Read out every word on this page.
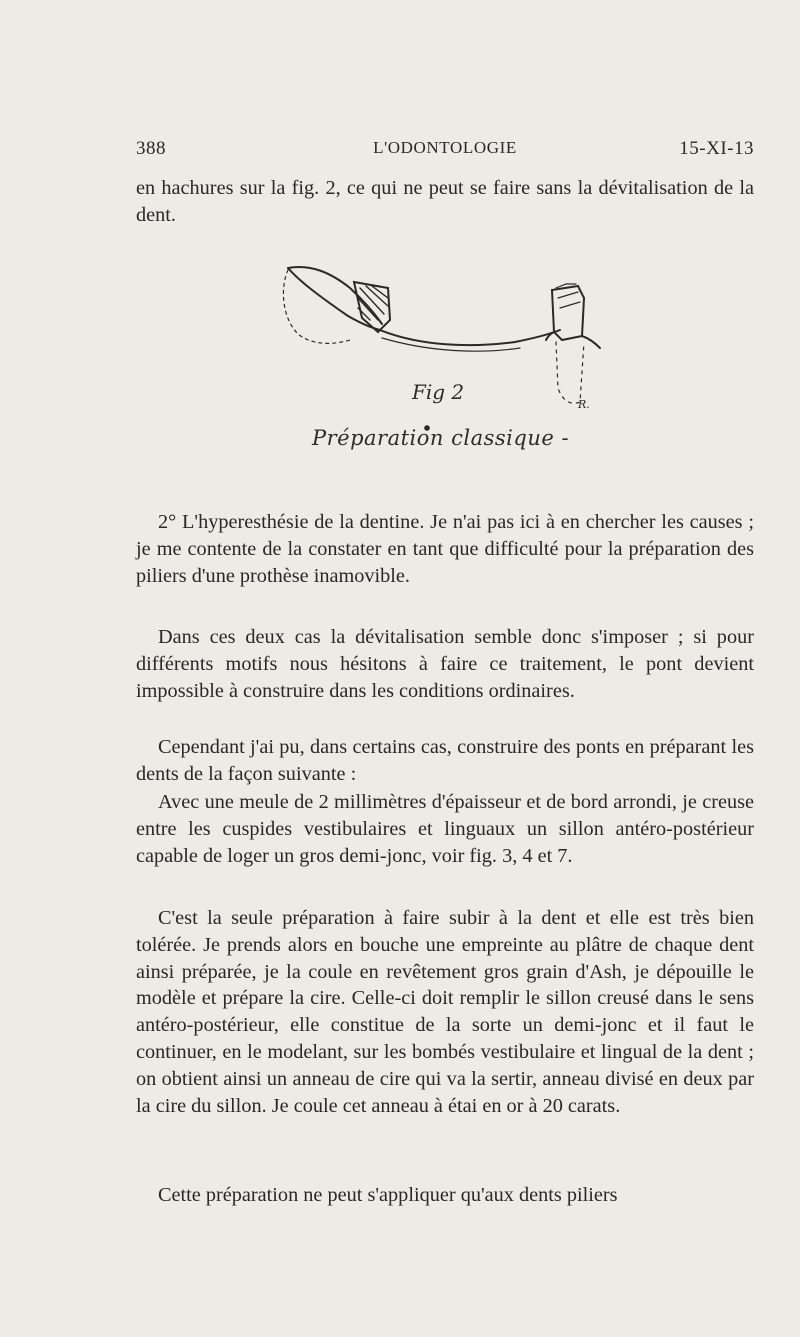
388	L'ODONTOLOGIE	15-XI-13

en hachures sur la fig. 2, ce qui ne peut se faire sans la dévitalisation de la dent.

Fig 2
Préparation classique -
R.

2° L'hyperesthésie de la dentine. Je n'ai pas ici à en chercher les causes ; je me contente de la constater en tant que difficulté pour la préparation des piliers d'une prothèse inamovible.

Dans ces deux cas la dévitalisation semble donc s'imposer ; si pour différents motifs nous hésitons à faire ce traitement, le pont devient impossible à construire dans les conditions ordinaires.

Cependant j'ai pu, dans certains cas, construire des ponts en préparant les dents de la façon suivante :

Avec une meule de 2 millimètres d'épaisseur et de bord arrondi, je creuse entre les cuspides vestibulaires et linguaux un sillon antéro-postérieur capable de loger un gros demi-jonc, voir fig. 3, 4 et 7.

C'est la seule préparation à faire subir à la dent et elle est très bien tolérée. Je prends alors en bouche une empreinte au plâtre de chaque dent ainsi préparée, je la coule en revêtement gros grain d'Ash, je dépouille le modèle et prépare la cire. Celle-ci doit remplir le sillon creusé dans le sens antéro-postérieur, elle constitue de la sorte un demi-jonc et il faut le continuer, en le modelant, sur les bombés vestibulaire et lingual de la dent ; on obtient ainsi un anneau de cire qui va la sertir, anneau divisé en deux par la cire du sillon. Je coule cet anneau à étai en or à 20 carats.

Cette préparation ne peut s'appliquer qu'aux dents piliers
